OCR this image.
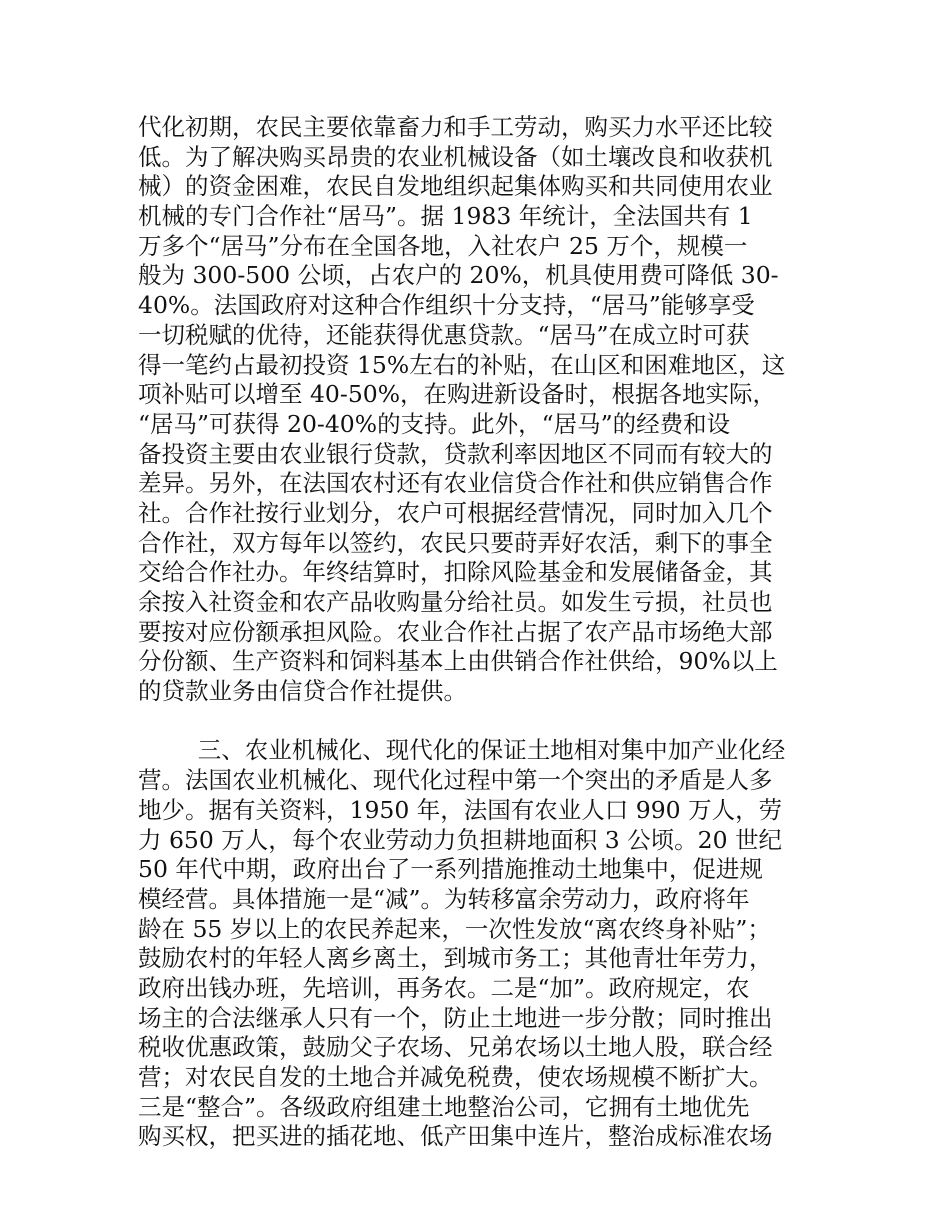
代化初期，农民主要依靠畜力和手工劳动，购买力水平还比较
低。为了解决购买昂贵的农业机械设备（如土壤改良和收获机
械）的资金困难，农民自发地组织起集体购买和共同使用农业
机械的专门合作社“居马”。据 1983 年统计，全法国共有 1
万多个“居马”分布在全国各地，入社农户 25 万个，规模一
般为 300-500 公顷，占农户的 20%，机具使用费可降低 30-
40%。法国政府对这种合作组织十分支持，“居马”能够享受
一切税赋的优待，还能获得优惠贷款。“居马”在成立时可获
得一笔约占最初投资 15%左右的补贴，在山区和困难地区，这
项补贴可以增至 40-50%，在购进新设备时，根据各地实际，
“居马”可获得 20-40%的支持。此外，“居马”的经费和设
备投资主要由农业银行贷款，贷款利率因地区不同而有较大的
差异。另外，在法国农村还有农业信贷合作社和供应销售合作
社。合作社按行业划分，农户可根据经营情况，同时加入几个
合作社，双方每年以签约，农民只要莳弄好农活，剩下的事全
交给合作社办。年终结算时，扣除风险基金和发展储备金，其
余按入社资金和农产品收购量分给社员。如发生亏损，社员也
要按对应份额承担风险。农业合作社占据了农产品市场绝大部
分份额、生产资料和饲料基本上由供销合作社供给，90%以上
的贷款业务由信贷合作社提供。
三、农业机械化、现代化的保证土地相对集中加产业化经
营。法国农业机械化、现代化过程中第一个突出的矛盾是人多
地少。据有关资料，1950 年，法国有农业人口 990 万人，劳
力 650 万人，每个农业劳动力负担耕地面积 3 公顷。20 世纪
50 年代中期，政府出台了一系列措施推动土地集中，促进规
模经营。具体措施一是“减”。为转移富余劳动力，政府将年
龄在 55 岁以上的农民养起来，一次性发放“离农终身补贴”；
鼓励农村的年轻人离乡离土，到城市务工；其他青壮年劳力，
政府出钱办班，先培训，再务农。二是“加”。政府规定，农
场主的合法继承人只有一个，防止土地进一步分散；同时推出
税收优惠政策，鼓励父子农场、兄弟农场以土地人股，联合经
营；对农民自发的土地合并减免税费，使农场规模不断扩大。
三是“整合”。各级政府组建土地整治公司，它拥有土地优先
购买权，把买进的插花地、低产田集中连片，整治成标准农场
